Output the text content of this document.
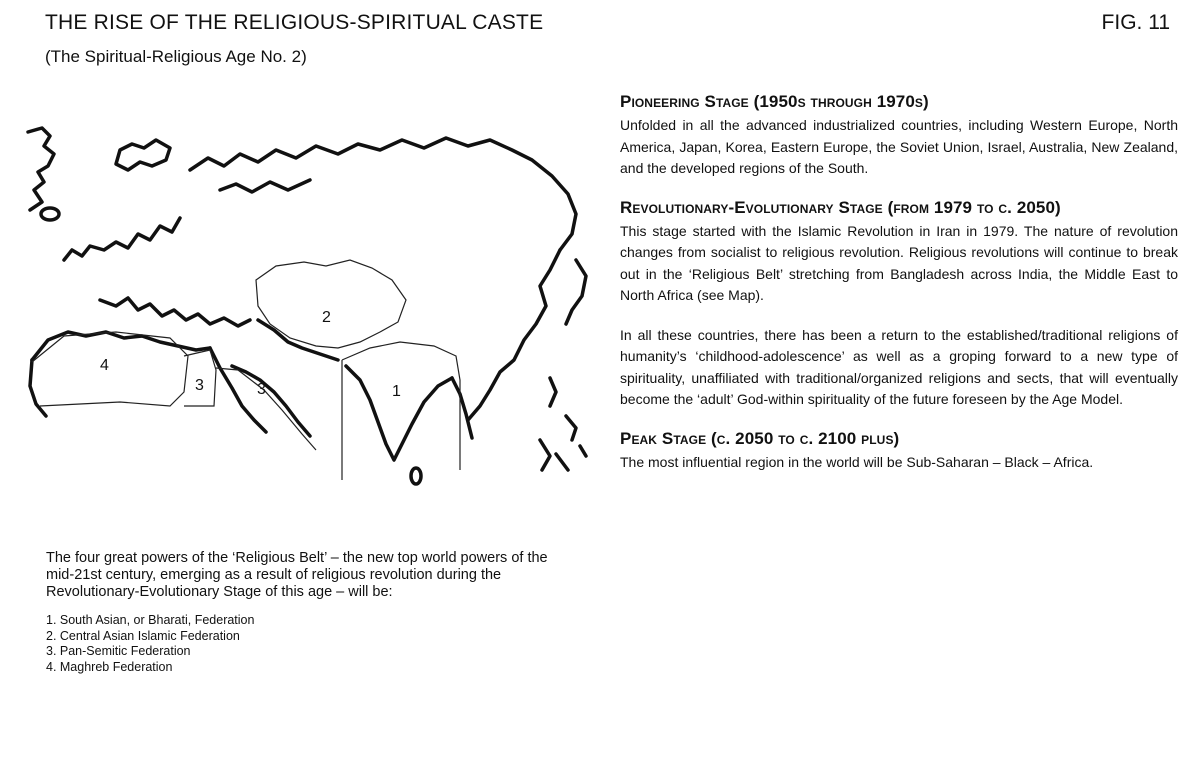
THE RISE OF THE RELIGIOUS-SPIRITUAL CASTE	FIG. 11
(The Spiritual-Religious Age No. 2)
2
4
3	3	1
Pioneering Stage (1950s through 1970s)

Unfolded in all the advanced industrialized countries, including Western Europe, North America, Japan, Korea, Eastern Europe, the Soviet Union, Israel, Australia, New Zealand, and the developed regions of the South.

Revolutionary-Evolutionary Stage (from 1979 to c. 2050)

This stage started with the Islamic Revolution in Iran in 1979. The nature of revolution changes from socialist to religious revolution. Religious revolutions will continue to break out in the ‘Religious Belt’ stretching from Bangladesh across India, the Middle East to North Africa (see Map).

In all these countries, there has been a return to the established/traditional religions of humanity’s ‘childhood-adolescence’ as well as a groping forward to a new type of spirituality, unaffiliated with traditional/organized religions and sects, that will eventually become the ‘adult’ God-within spirituality of the future foreseen by the Age Model.

Peak Stage (c. 2050 to c. 2100 plus)

The most influential region in the world will be Sub-Saharan – Black – Africa.

The four great powers of the ‘Religious Belt’ – the new top world powers of the mid-21st century, emerging as a result of religious revolution during the Revolutionary-Evolutionary Stage of this age – will be:

1. South Asian, or Bharati, Federation
2. Central Asian Islamic Federation
3. Pan-Semitic Federation
4. Maghreb Federation
